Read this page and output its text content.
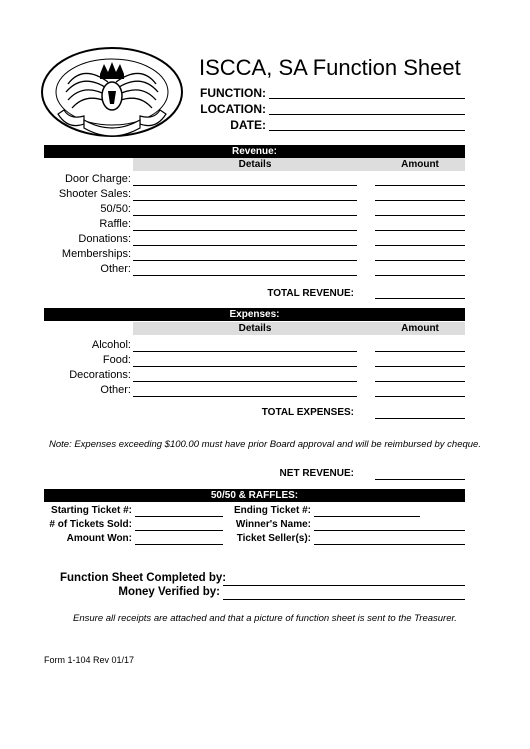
ISCCA, SA Function Sheet
FUNCTION:
LOCATION:
DATE:
Revenue:
Details	Amount
Door Charge:
Shooter Sales:
50/50:
Raffle:
Donations:
Memberships:
Other:
TOTAL REVENUE:
Expenses:
Details	Amount
Alcohol:
Food:
Decorations:
Other:
TOTAL EXPENSES:
Note: Expenses exceeding $100.00 must have prior Board approval and will be reimbursed by cheque.
NET REVENUE:
50/50 & RAFFLES:
Starting Ticket #:
# of Tickets Sold:
Amount Won:
Ending Ticket #:
Winner's Name:
Ticket Seller(s):
Function Sheet Completed by:
Money Verified by:
Ensure all receipts are attached and that a picture of function sheet is sent to the Treasurer.
Form 1-104 Rev 01/17
